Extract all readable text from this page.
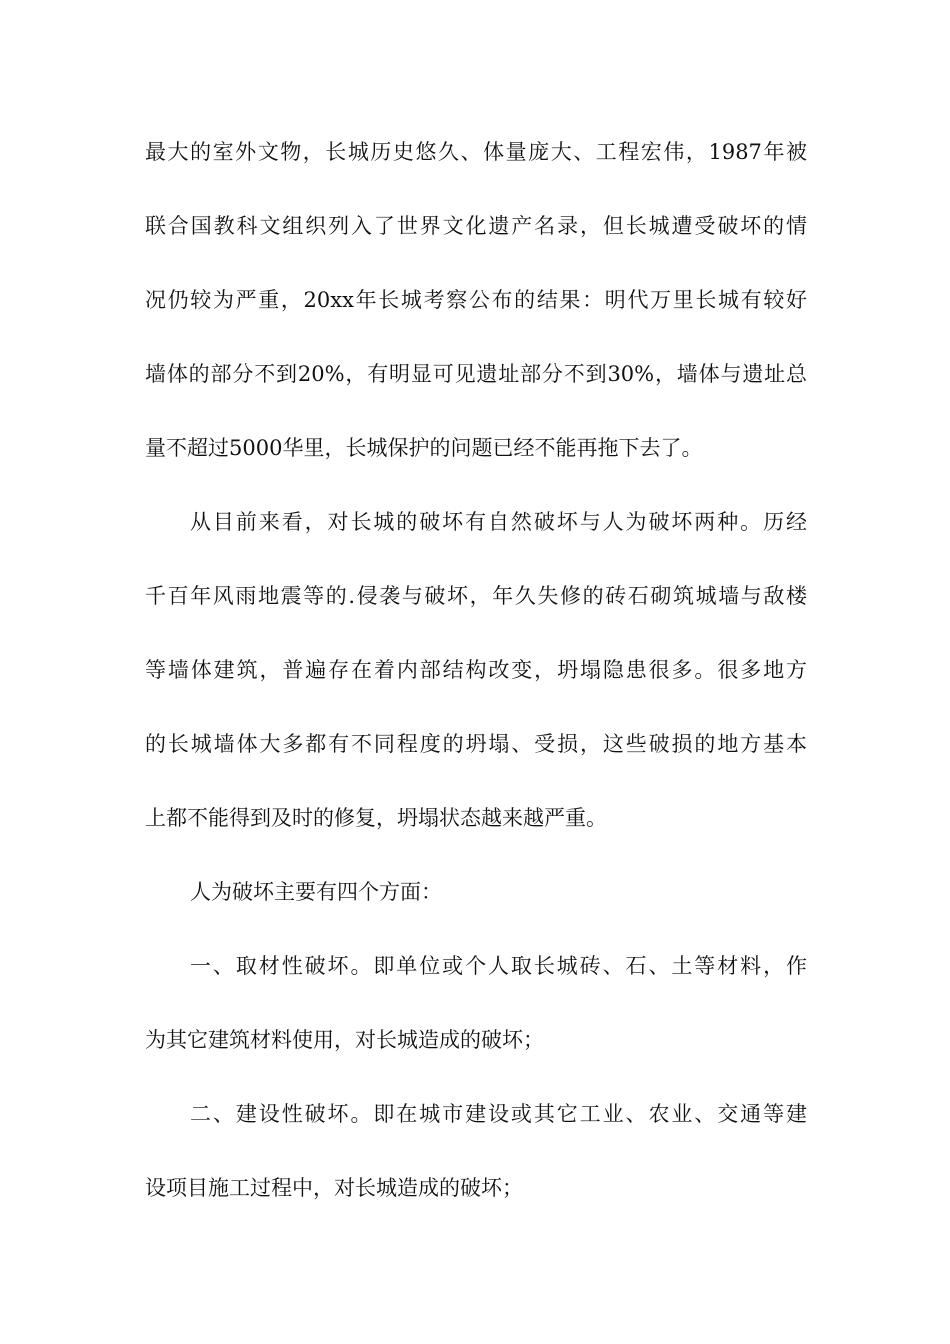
最大的室外文物，长城历史悠久、体量庞大、工程宏伟，1987年被
联合国教科文组织列入了世界文化遗产名录，但长城遭受破坏的情
况仍较为严重，20xx年长城考察公布的结果：明代万里长城有较好
墙体的部分不到20%，有明显可见遗址部分不到30%，墙体与遗址总
量不超过5000华里，长城保护的问题已经不能再拖下去了。
从目前来看，对长城的破坏有自然破坏与人为破坏两种。历经
千百年风雨地震等的.侵袭与破坏，年久失修的砖石砌筑城墙与敌楼
等墙体建筑，普遍存在着内部结构改变，坍塌隐患很多。很多地方
的长城墙体大多都有不同程度的坍塌、受损，这些破损的地方基本
上都不能得到及时的修复，坍塌状态越来越严重。
人为破坏主要有四个方面：
一、取材性破坏。即单位或个人取长城砖、石、土等材料，作
为其它建筑材料使用，对长城造成的破坏；
二、建设性破坏。即在城市建设或其它工业、农业、交通等建
设项目施工过程中，对长城造成的破坏；
